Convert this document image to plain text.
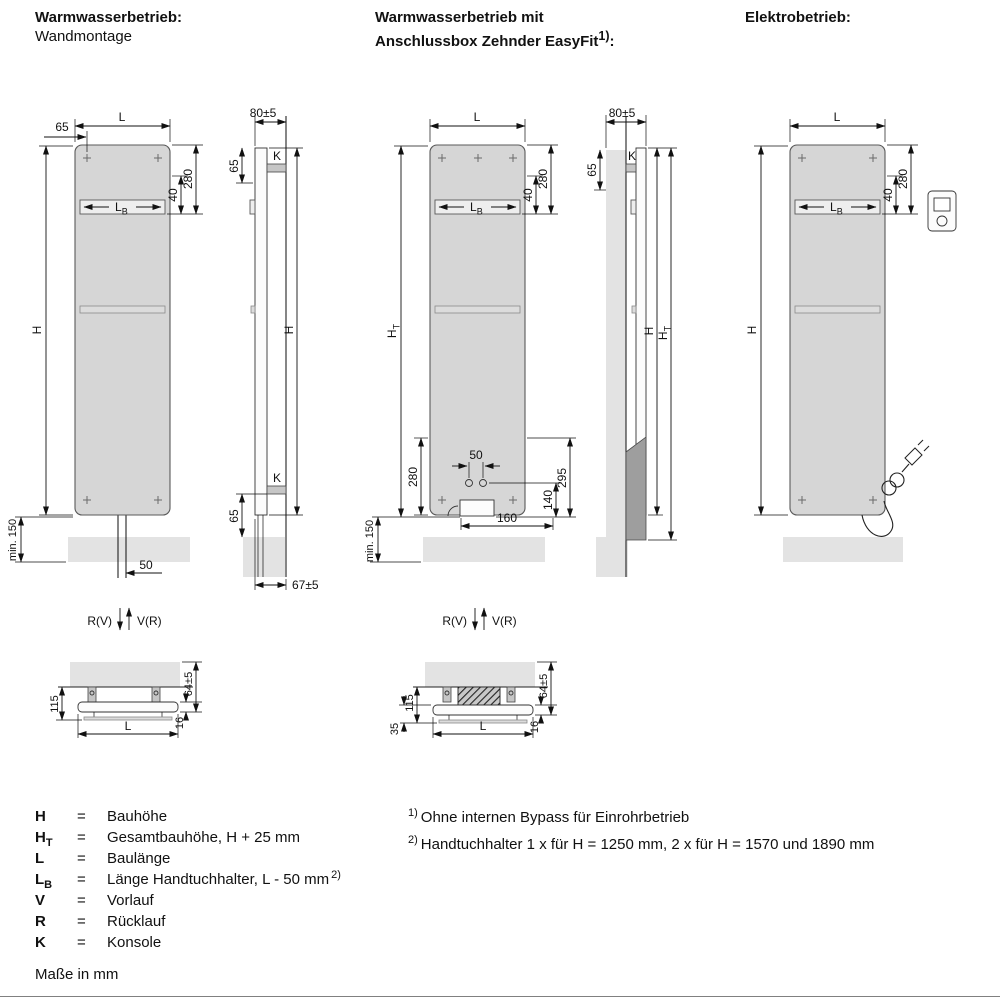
Warmwasserbetrieb:
Wandmontage
Warmwasserbetrieb mit
Anschlussbox Zehnder EasyFit$^{1)}$:
Elektrobetrieb:
$L_B$
L
65
40
280
H
min. 150
50
K
K
80±5
65
H
65
67±5
R(V) V(R)
64±5
16
115
L
$L_B$
L
40
280
$H_T$
min. 150
280
50
140
295
160
K
80±5
65
H
$H_T$
R(V) V(R)
64±5
16
115
35	L
$L_B$
L
40
280
H
H	=	Bauhöhe
$H_T$	=	Gesamtbauhöhe, H + 25 mm
L	=	Baulänge
$L_B$	=	Länge Handtuchhalter, L - 50 mm $^{2)}$
V	=	Vorlauf
R	=	Rücklauf
K	=	Konsole
$^{1)}$ Ohne internen Bypass für Einrohrbetrieb
$^{2)}$ Handtuchhalter 1 x für H = 1250 mm, 2 x für H = 1570 und 1890 mm
Maße in mm
